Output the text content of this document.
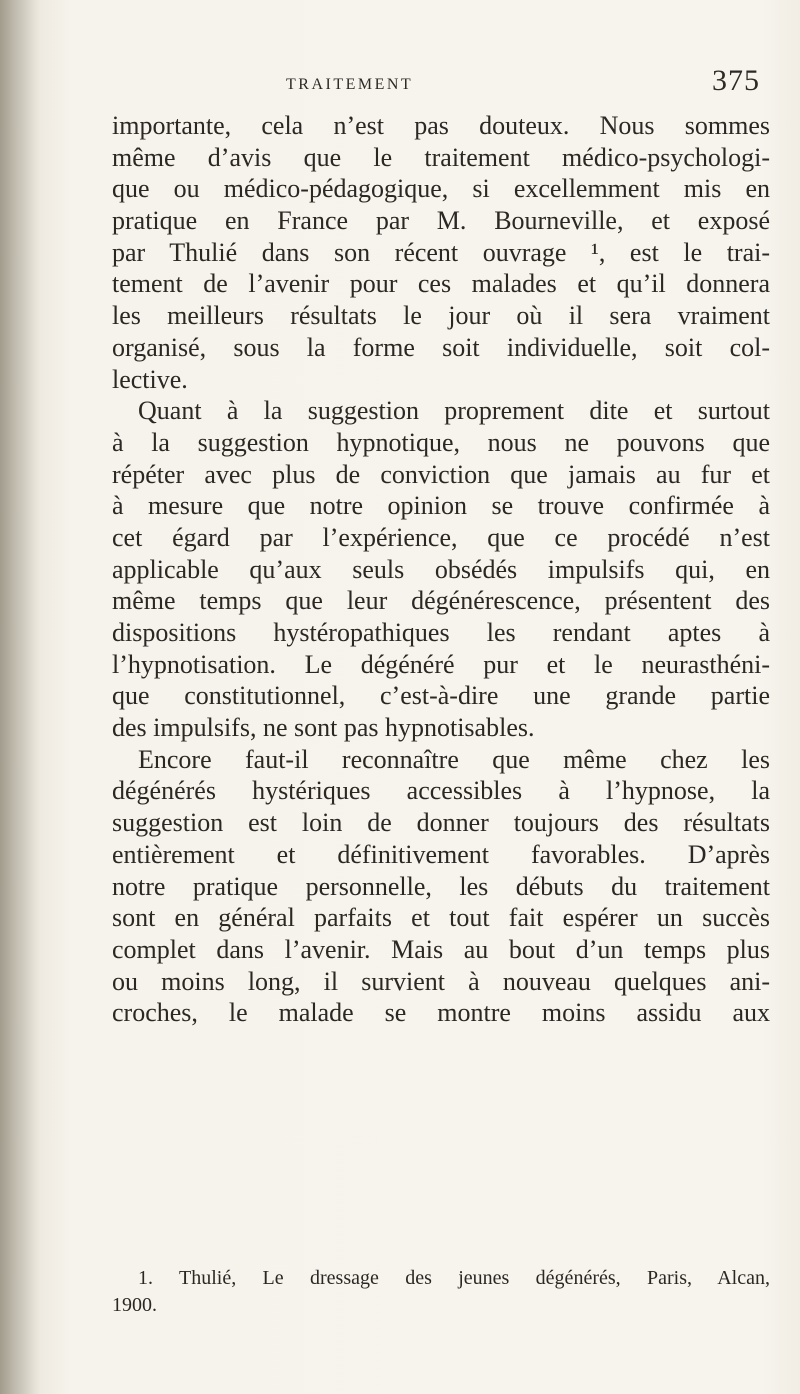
TRAITEMENT	375
importante, cela n’est pas douteux. Nous sommes
même d’avis que le traitement médico-psychologi-
que ou médico-pédagogique, si excellemment mis en
pratique en France par M. Bourneville, et exposé
par Thulié dans son récent ouvrage ¹, est le trai-
tement de l’avenir pour ces malades et qu’il donnera
les meilleurs résultats le jour où il sera vraiment
organisé, sous la forme soit individuelle, soit col-
lective.
Quant à la suggestion proprement dite et surtout
à la suggestion hypnotique, nous ne pouvons que
répéter avec plus de conviction que jamais au fur et
à mesure que notre opinion se trouve confirmée à
cet égard par l’expérience, que ce procédé n’est
applicable qu’aux seuls obsédés impulsifs qui, en
même temps que leur dégénérescence, présentent des
dispositions hystéropathiques les rendant aptes à
l’hypnotisation. Le dégénéré pur et le neurasthéni-
que constitutionnel, c’est-à-dire une grande partie
des impulsifs, ne sont pas hypnotisables.
Encore faut-il reconnaître que même chez les
dégénérés hystériques accessibles à l’hypnose, la
suggestion est loin de donner toujours des résultats
entièrement et définitivement favorables. D’après
notre pratique personnelle, les débuts du traitement
sont en général parfaits et tout fait espérer un succès
complet dans l’avenir. Mais au bout d’un temps plus
ou moins long, il survient à nouveau quelques ani-
croches, le malade se montre moins assidu aux
1. Thulié, Le dressage des jeunes dégénérés, Paris, Alcan,
1900.
